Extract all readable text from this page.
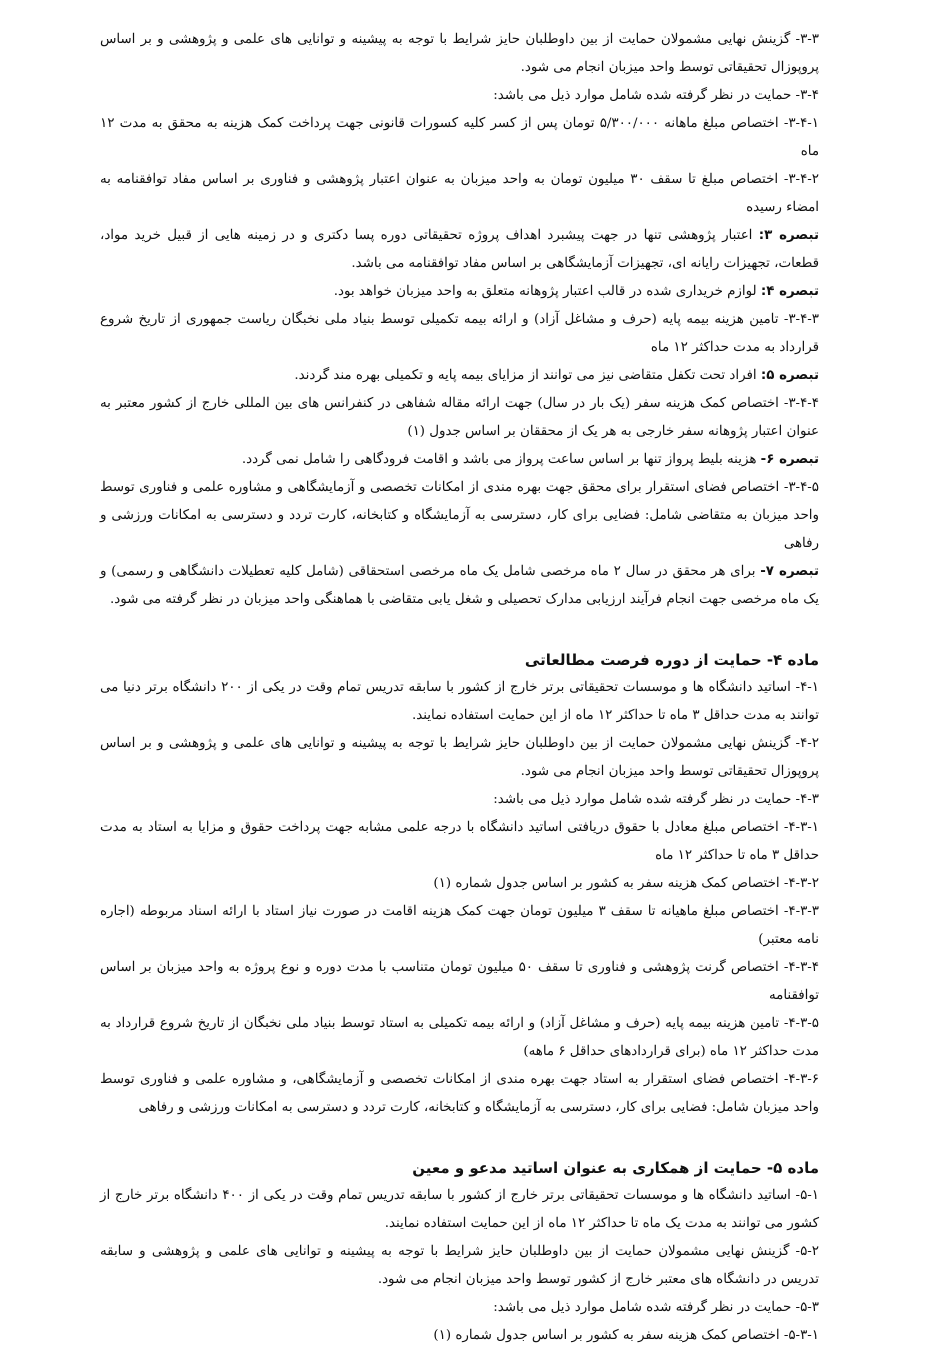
۳-۳- گزینش نهایی مشمولان حمایت از بین داوطلبان حایز شرایط با توجه به پیشینه و توانایی های علمی و پژوهشی و بر اساس پروپوزال تحقیقاتی توسط واحد میزبان انجام می شود.

۳-۴- حمایت در نظر گرفته شده شامل موارد ذیل می باشد:

۳-۴-۱- اختصاص مبلغ ماهانه ۵/۳۰۰/۰۰۰ تومان پس از کسر کلیه کسورات قانونی جهت پرداخت کمک هزینه به محقق به مدت ۱۲ ماه

۳-۴-۲- اختصاص مبلغ تا سقف ۳۰ میلیون تومان به واحد میزبان به عنوان اعتبار پژوهشی و فناوری بر اساس مفاد توافقنامه به امضاء رسیده

تبصره ۳: اعتبار پژوهشی تنها در جهت پیشبرد اهداف پروژه تحقیقاتی دوره پسا دکتری و در زمینه هایی از قبیل خرید مواد، قطعات، تجهیزات رایانه ای، تجهیزات آزمایشگاهی بر اساس مفاد توافقنامه می باشد.

تبصره ۴: لوازم خریداری شده در قالب اعتبار پژوهانه متعلق به واحد میزبان خواهد بود.

۳-۴-۳- تامین هزینه بیمه پایه (حرف و مشاغل آزاد) و ارائه بیمه تکمیلی توسط بنیاد ملی نخبگان ریاست جمهوری از تاریخ شروع قرارداد به مدت حداکثر ۱۲ ماه

تبصره ۵: افراد تحت تکفل متقاضی نیز می توانند از مزایای بیمه پایه و تکمیلی بهره مند گردند.

۳-۴-۴- اختصاص کمک هزینه سفر (یک بار در سال) جهت ارائه مقاله شفاهی در کنفرانس های بین المللی خارج از کشور معتبر به عنوان اعتبار پژوهانه سفر خارجی به هر یک از محققان بر اساس جدول (۱)

تبصره ۶- هزینه بلیط پرواز تنها بر اساس ساعت پرواز می باشد و اقامت فرودگاهی را شامل نمی گردد.

۳-۴-۵- اختصاص فضای استقرار برای محقق جهت بهره مندی از امکانات تخصصی و آزمایشگاهی و مشاوره علمی و فناوری توسط واحد میزبان به متقاضی شامل: فضایی برای کار، دسترسی به آزمایشگاه و کتابخانه، کارت تردد و دسترسی به امکانات ورزشی و رفاهی

تبصره ۷- برای هر محقق در سال ۲ ماه مرخصی شامل یک ماه مرخصی استحقاقی (شامل کلیه تعطیلات دانشگاهی و رسمی) و یک ماه مرخصی جهت انجام فرآیند ارزیابی مدارک تحصیلی و شغل یابی متقاضی با هماهنگی واحد میزبان در نظر گرفته می شود.

ماده ۴- حمایت از دوره فرصت مطالعاتی

۴-۱- اساتید دانشگاه ها و موسسات تحقیقاتی برتر خارج از کشور با سابقه تدریس تمام وقت در یکی از ۲۰۰ دانشگاه برتر دنیا می توانند به مدت حداقل ۳ ماه تا حداکثر ۱۲ ماه از این حمایت استفاده نمایند.

۴-۲- گزینش نهایی مشمولان حمایت از بین داوطلبان حایز شرایط با توجه به پیشینه و توانایی های علمی و پژوهشی و بر اساس پروپوزال تحقیقاتی توسط واحد میزبان انجام می شود.

۴-۳- حمایت در نظر گرفته شده شامل موارد ذیل می باشد:

۴-۳-۱- اختصاص مبلغ معادل با حقوق دریافتی اساتید دانشگاه با درجه علمی مشابه جهت پرداخت حقوق و مزایا به استاد به مدت حداقل ۳ ماه تا حداکثر ۱۲ ماه

۴-۳-۲- اختصاص کمک هزینه سفر به کشور بر اساس جدول شماره (۱)

۴-۳-۳- اختصاص مبلغ ماهیانه تا سقف ۳ میلیون تومان جهت کمک هزینه اقامت در صورت نیاز استاد با ارائه اسناد مربوطه (اجاره نامه معتبر)

۴-۳-۴- اختصاص گرنت پژوهشی و فناوری تا سقف ۵۰ میلیون تومان متناسب با مدت دوره و نوع پروژه به واحد میزبان بر اساس توافقنامه

۴-۳-۵- تامین هزینه بیمه پایه (حرف و مشاغل آزاد) و ارائه بیمه تکمیلی به استاد توسط بنیاد ملی نخبگان از تاریخ شروع قرارداد به مدت حداکثر ۱۲ ماه (برای قراردادهای حداقل ۶ ماهه)

۴-۳-۶- اختصاص فضای استقرار به استاد جهت بهره مندی از امکانات تخصصی و آزمایشگاهی، و مشاوره علمی و فناوری توسط واحد میزبان شامل: فضایی برای کار، دسترسی به آزمایشگاه و کتابخانه، کارت تردد و دسترسی به امکانات ورزشی و رفاهی

ماده ۵- حمایت از همکاری به عنوان اساتید مدعو و معین

۵-۱- اساتید دانشگاه ها و موسسات تحقیقاتی برتر خارج از کشور با سابقه تدریس تمام وقت در یکی از ۴۰۰ دانشگاه برتر خارج از کشور می توانند به مدت یک ماه تا حداکثر ۱۲ ماه از این حمایت استفاده نمایند.

۵-۲- گزینش نهایی مشمولان حمایت از بین داوطلبان حایز شرایط با توجه به پیشینه و توانایی های علمی و پژوهشی و سابقه تدریس در دانشگاه های معتبر خارج از کشور توسط واحد میزبان انجام می شود.

۵-۳- حمایت در نظر گرفته شده شامل موارد ذیل می باشد:

۵-۳-۱- اختصاص کمک هزینه سفر به کشور بر اساس جدول شماره (۱)
